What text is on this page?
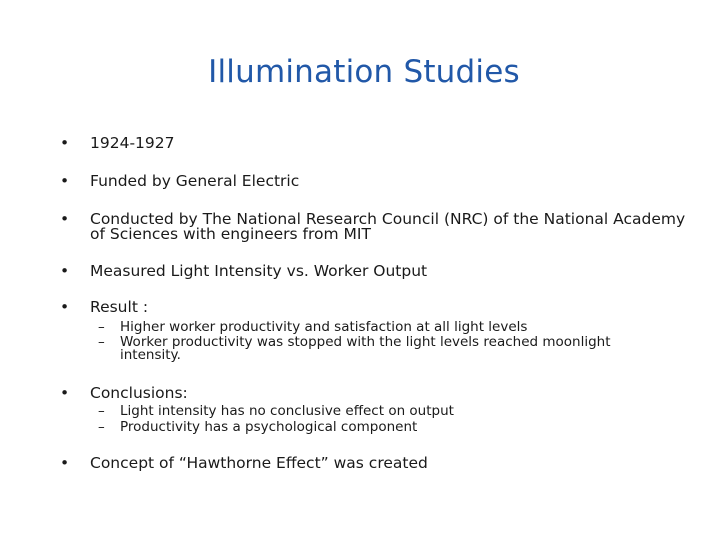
Illumination Studies
•	1924-1927
•	Funded by General Electric
•	Conducted by The National Research Council (NRC) of the National Academy
of Sciences with engineers from MIT
•	Measured Light Intensity vs. Worker Output
•	Result :
– Higher worker productivity and satisfaction at all light levels
– Worker productivity was stopped with the light levels reached moonlight
intensity.
•	Conclusions:
– Light intensity has no conclusive effect on output
– Productivity has a psychological component
•	Concept of “Hawthorne Effect” was created
